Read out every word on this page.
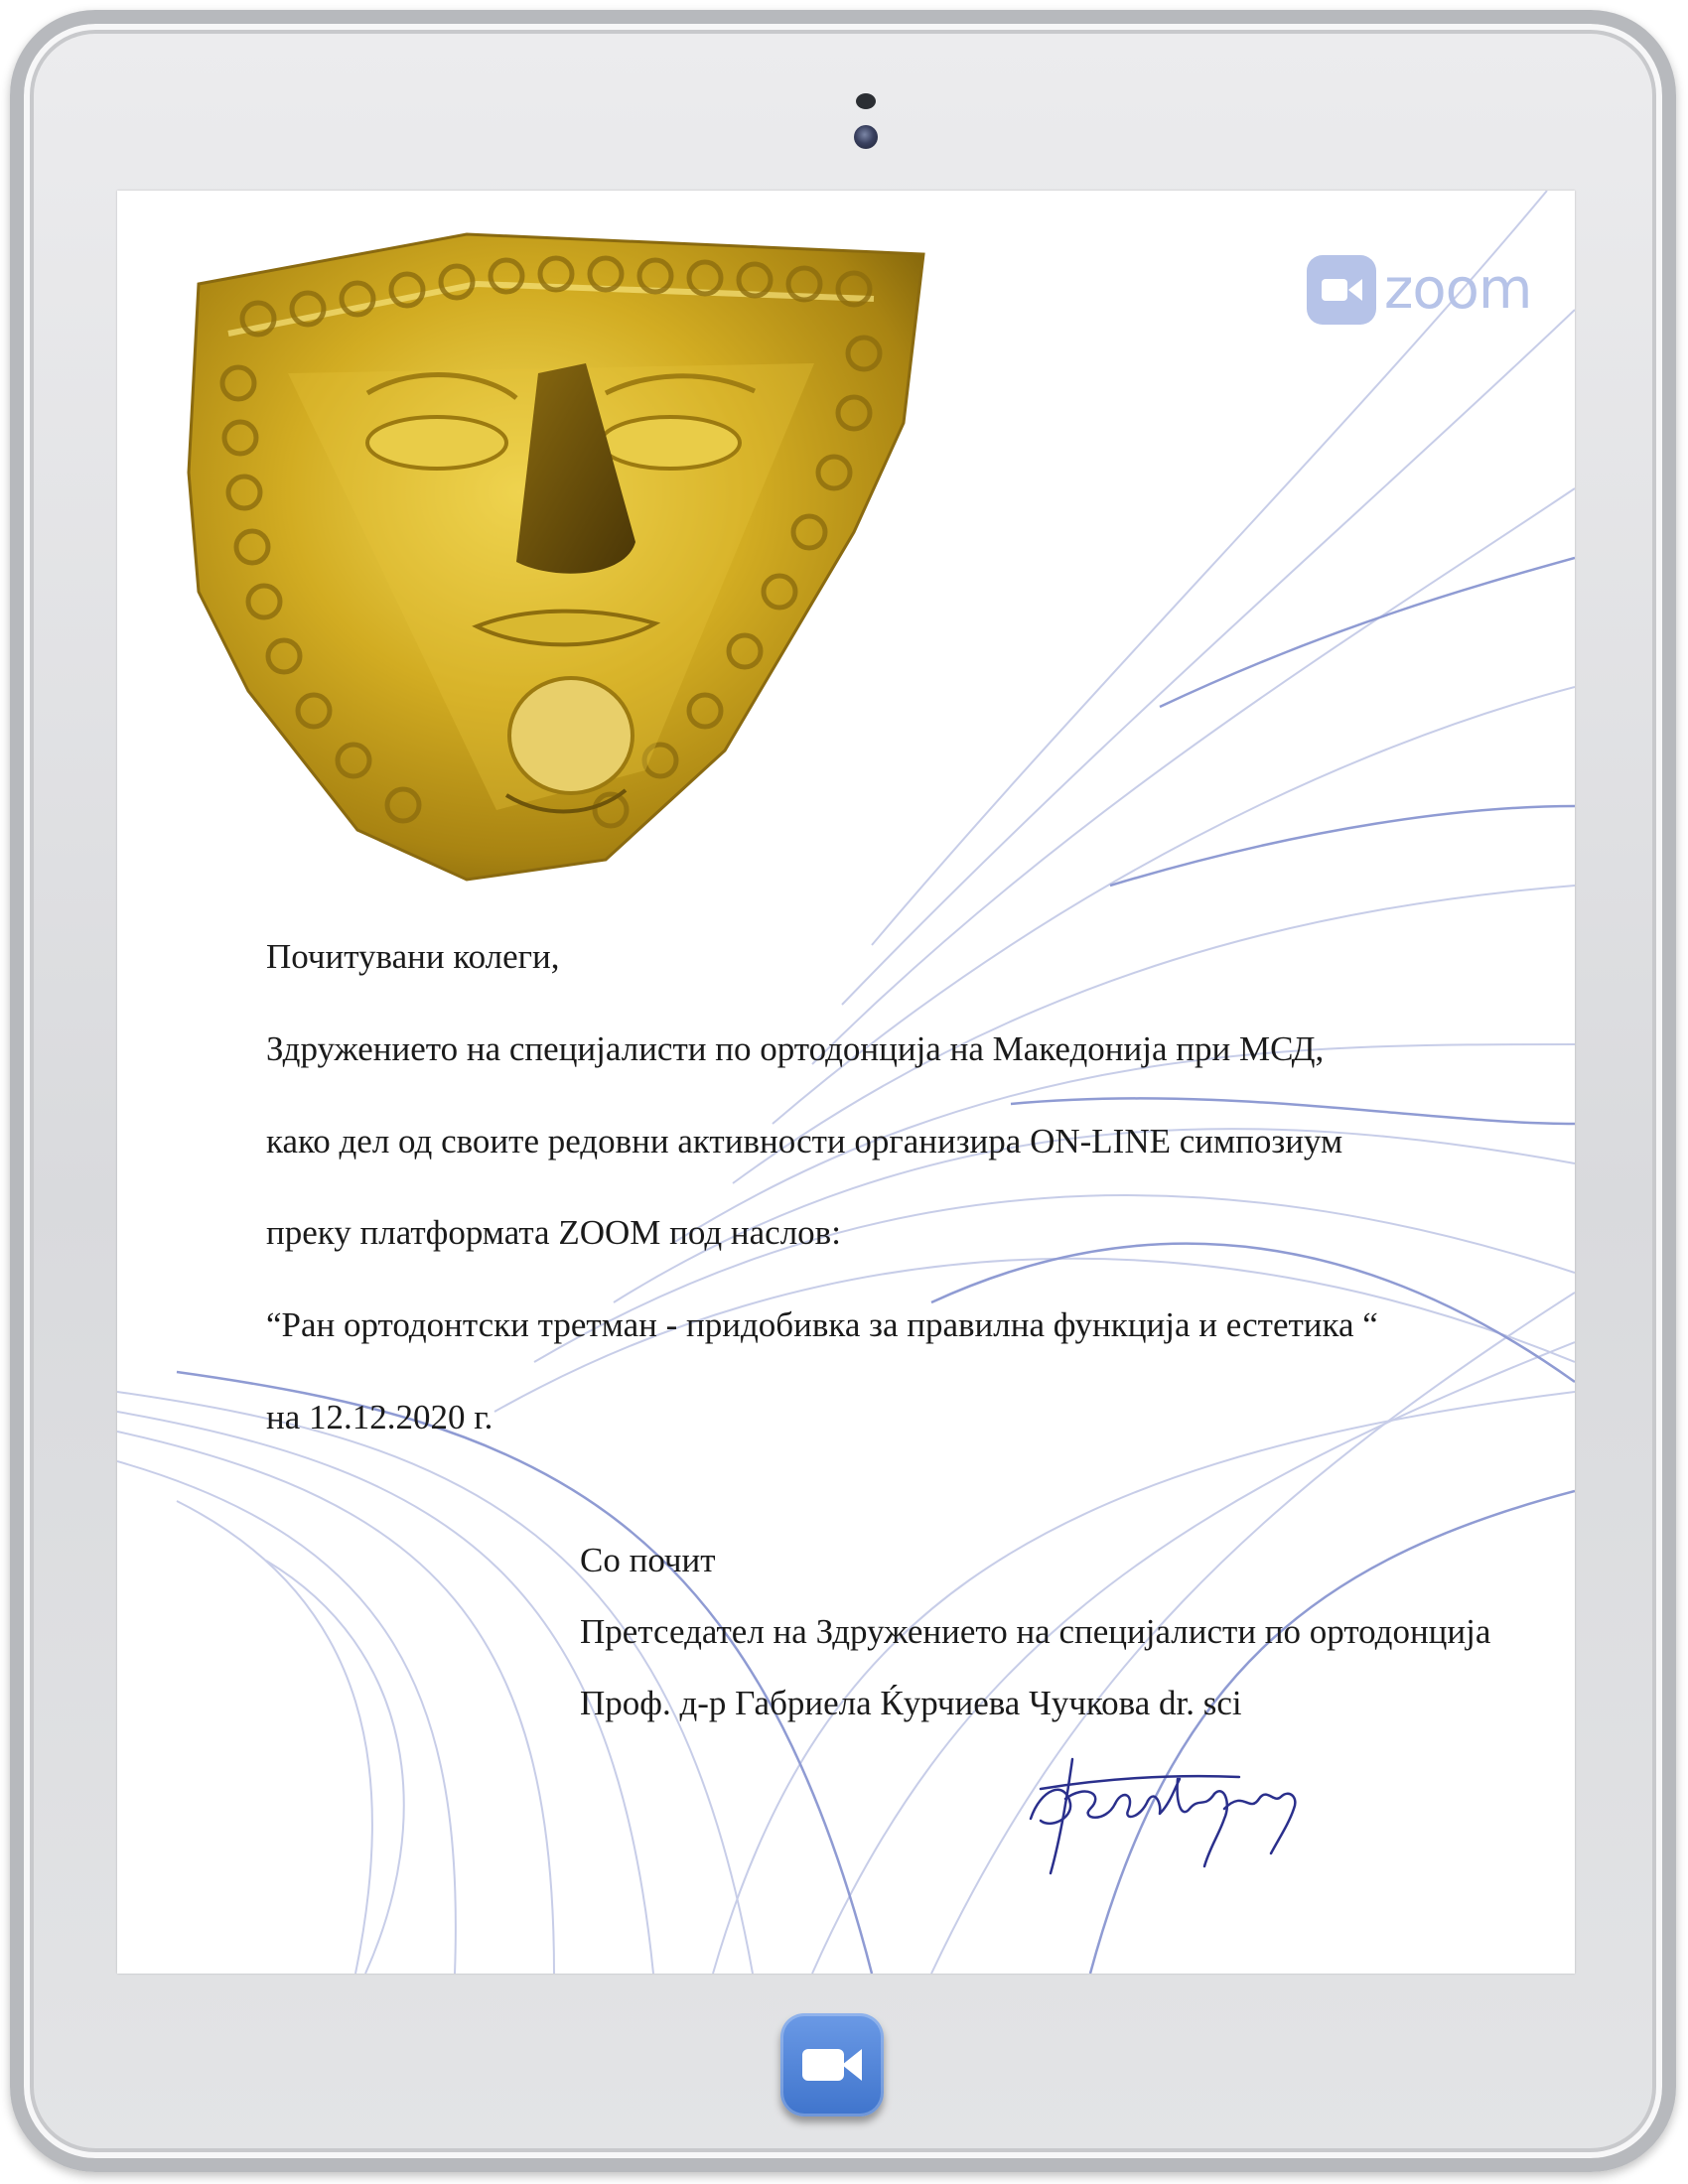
zoom
Почитувани колеги,
Здружението на специјалисти по ортодонција на Македонија при МСД,
како дел од своите редовни активности организира ON-LINE симпозиум
преку платформата ZOOM под наслов:
“Ран ортодонтски третман - придобивка за правилна функција и естетика “
на 12.12.2020 г.
Со почит
Претседател на Здружението на специјалисти по ортодонција
Проф. д-р Габриела Ќурчиева Чучкова dr. sci
